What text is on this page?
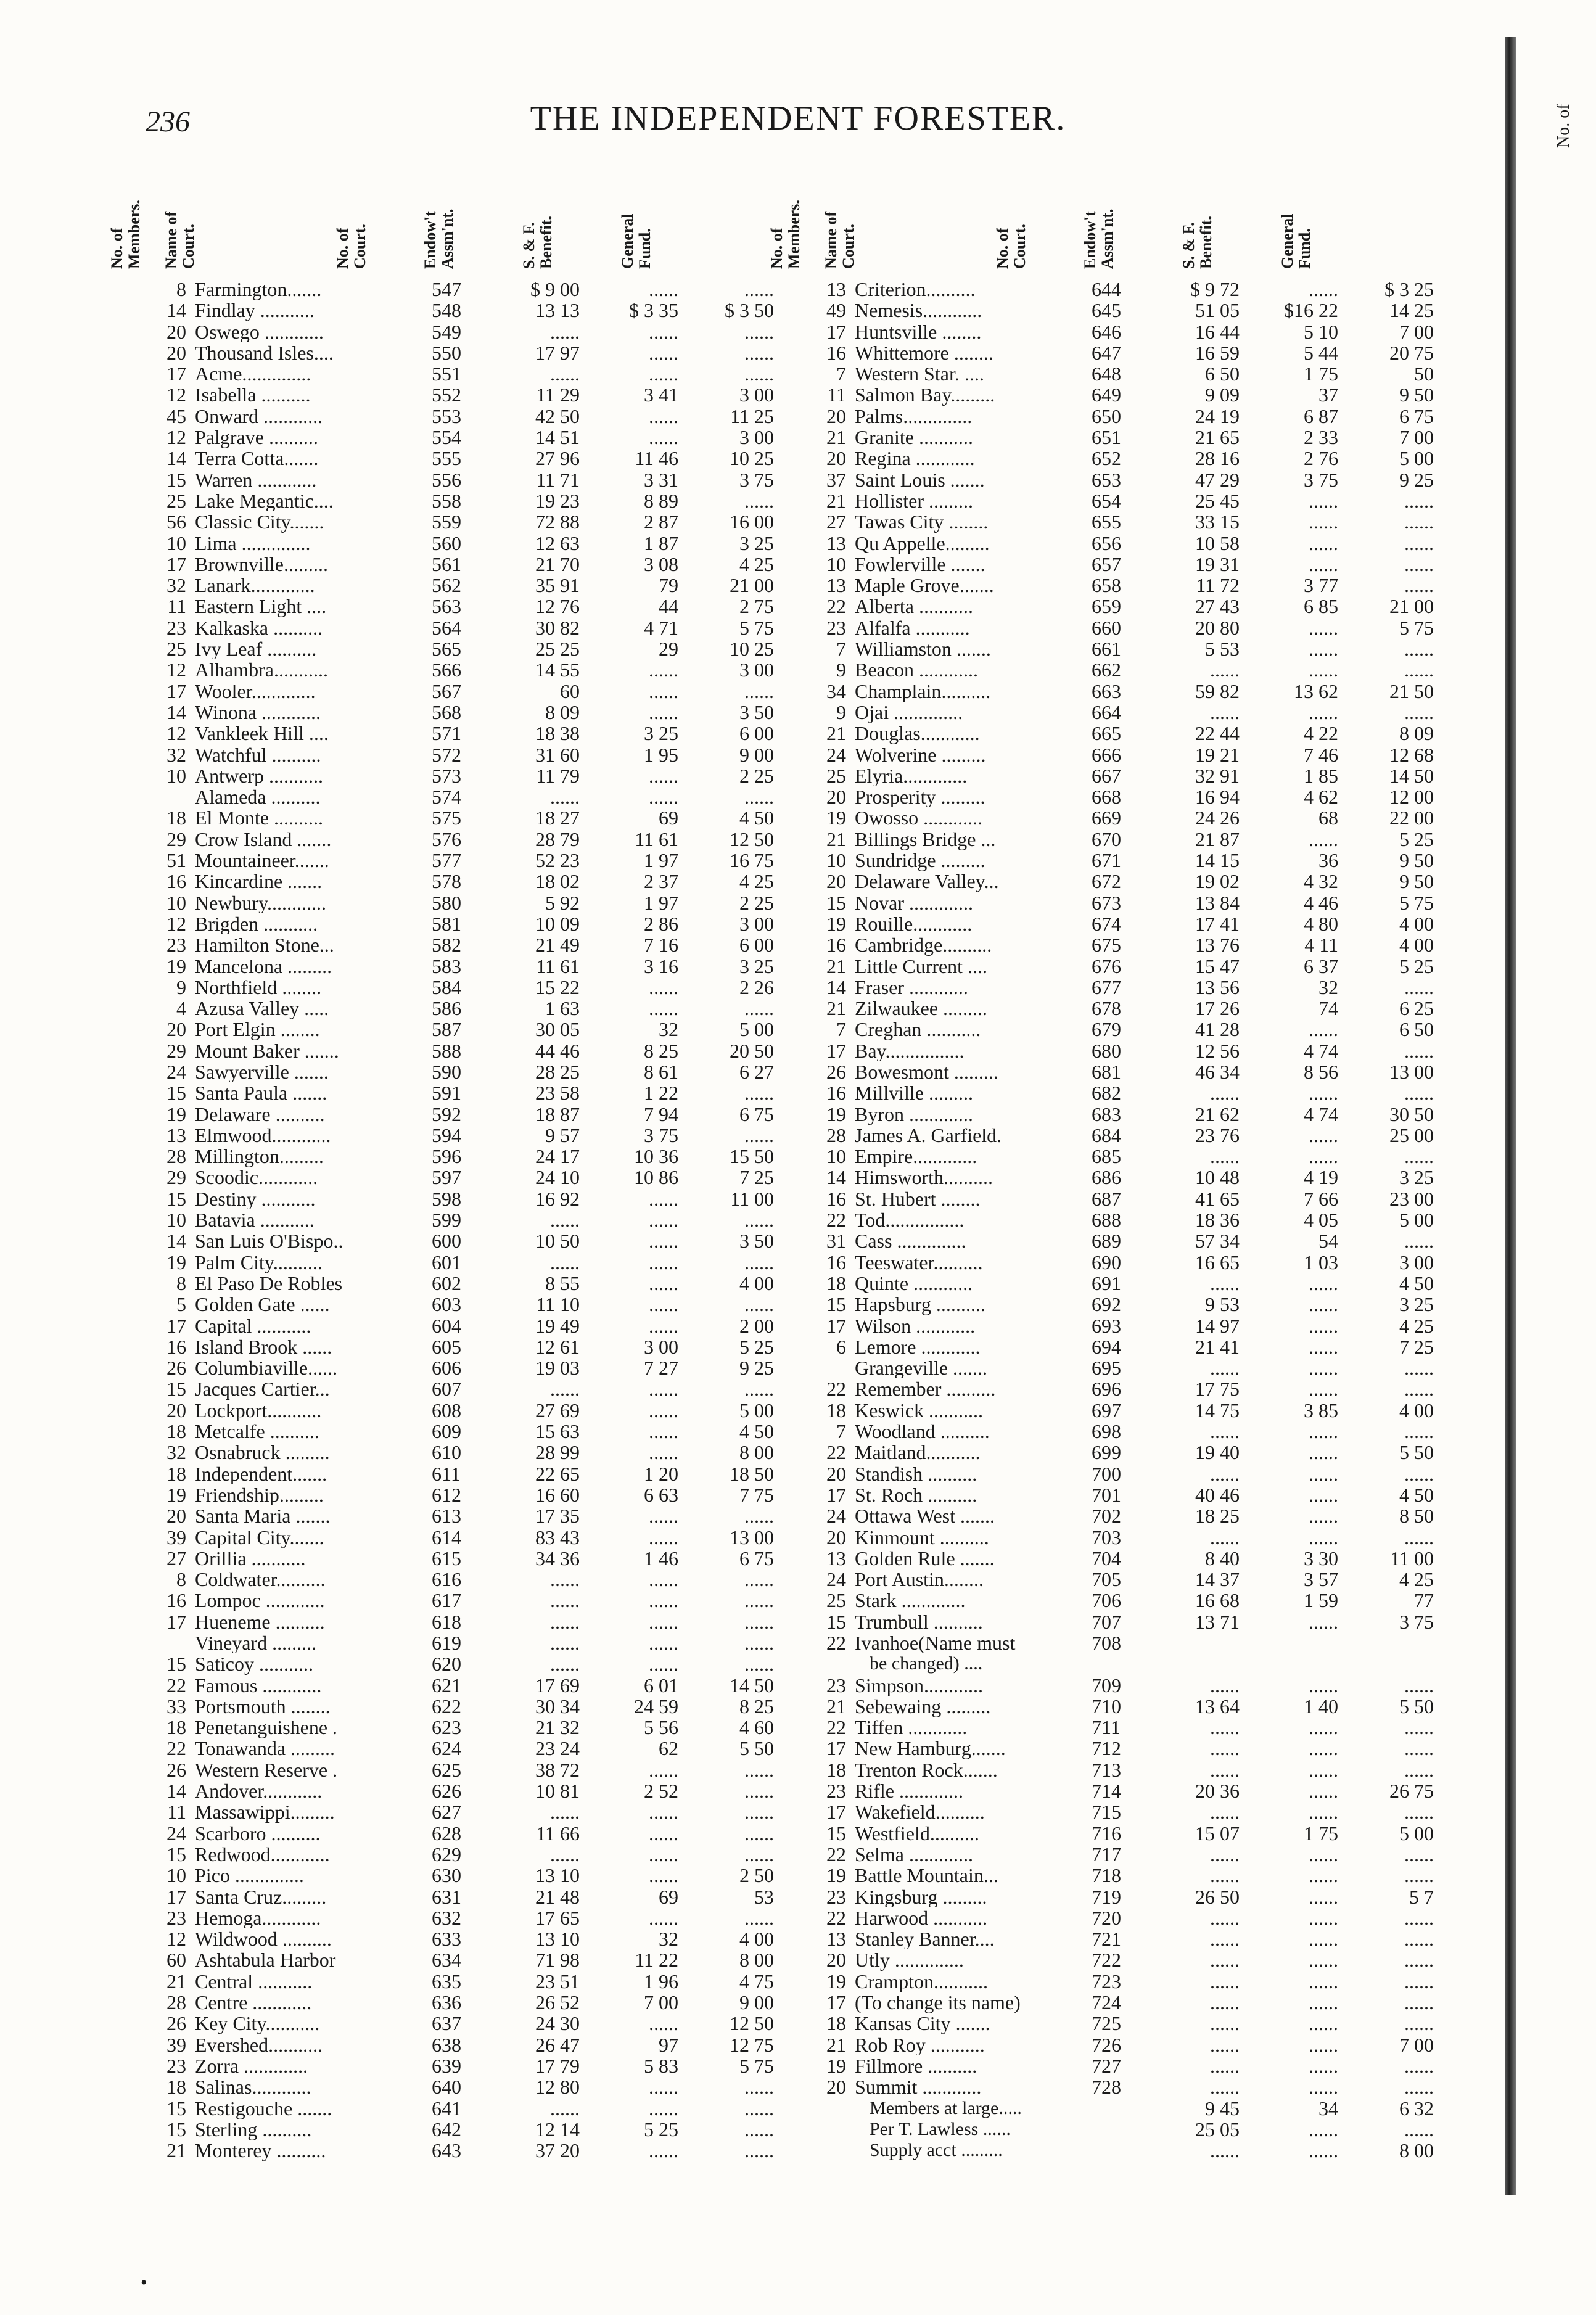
236	THE INDEPENDENT FORESTER.
No. of
Members. Name of
Court.	No. of
Court.	Endow't
Assm'nt.	S. & F.
Benefit.	General
Fund.	No. of
Members. Name of
Court.	No. of
Court.	Endow't
Assm'nt.	S. & F.
Benefit.	General
Fund.
8 Farmington.......	547	$ 9 00	......	......
14 Findlay ...........	548	13 13	$ 3 35	$ 3 50
20 Oswego ............	549	......	......	......
20 Thousand Isles....	550	17 97	......	......
17 Acme..............	551	......	......	......
12 Isabella ..........	552	11 29	3 41	3 00
45 Onward ............	553	42 50	......	11 25
12 Palgrave ..........	554	14 51	......	3 00
14 Terra Cotta.......	555	27 96	11 46	10 25
15 Warren ............	556	11 71	3 31	3 75
25 Lake Megantic....	558	19 23	8 89	......
56 Classic City.......	559	72 88	2 87	16 00
10 Lima ..............	560	12 63	1 87	3 25
17 Brownville.........	561	21 70	3 08	4 25
32 Lanark.............	562	35 91	79	21 00
11 Eastern Light ....	563	12 76	44	2 75
23 Kalkaska ..........	564	30 82	4 71	5 75
25 Ivy Leaf ..........	565	25 25	29	10 25
12 Alhambra...........	566	14 55	......	3 00
17 Wooler.............	567	60	......	......
14 Winona ............	568	8 09	......	3 50
12 Vankleek Hill ....	571	18 38	3 25	6 00
32 Watchful ..........	572	31 60	1 95	9 00
10 Antwerp ...........	573	11 79	......	2 25
Alameda ..........	574	......	......	......
18 El Monte ..........	575	18 27	69	4 50
29 Crow Island .......	576	28 79	11 61	12 50
51 Mountaineer.......	577	52 23	1 97	16 75
16 Kincardine .......	578	18 02	2 37	4 25
10 Newbury............	580	5 92	1 97	2 25
12 Brigden ...........	581	10 09	2 86	3 00
23 Hamilton Stone...	582	21 49	7 16	6 00
19 Mancelona .........	583	11 61	3 16	3 25
9 Northfield ........	584	15 22	......	2 26
4 Azusa Valley .....	586	1 63	......	......
20 Port Elgin ........	587	30 05	32	5 00
29 Mount Baker .......	588	44 46	8 25	20 50
24 Sawyerville .......	590	28 25	8 61	6 27
15 Santa Paula .......	591	23 58	1 22	......
19 Delaware ..........	592	18 87	7 94	6 75
13 Elmwood............	594	9 57	3 75	......
28 Millington.........	596	24 17	10 36	15 50
29 Scoodic............	597	24 10	10 86	7 25
15 Destiny ...........	598	16 92	......	11 00
10 Batavia ...........	599	......	......	......
14 San Luis O'Bispo..	600	10 50	......	3 50
19 Palm City..........	601	......	......	......
8 El Paso De Robles	602	8 55	......	4 00
5 Golden Gate ......	603	11 10	......	......
17 Capital ...........	604	19 49	......	2 00
16 Island Brook ......	605	12 61	3 00	5 25
26 Columbiaville......	606	19 03	7 27	9 25
15 Jacques Cartier...	607	......	......	......
20 Lockport...........	608	27 69	......	5 00
18 Metcalfe ..........	609	15 63	......	4 50
32 Osnabruck .........	610	28 99	......	8 00
18 Independent.......	611	22 65	1 20	18 50
19 Friendship.........	612	16 60	6 63	7 75
20 Santa Maria .......	613	17 35	......	......
39 Capital City.......	614	83 43	......	13 00
27 Orillia ...........	615	34 36	1 46	6 75
8 Coldwater..........	616	......	......	......
16 Lompoc ............	617	......	......	......
17 Hueneme ..........	618	......	......	......
Vineyard .........	619	......	......	......
15 Saticoy ...........	620	......	......	......
22 Famous ............	621	17 69	6 01	14 50
33 Portsmouth ........	622	30 34	24 59	8 25
18 Penetanguishene .	623	21 32	5 56	4 60
22 Tonawanda .........	624	23 24	62	5 50
26 Western Reserve .	625	38 72	......	......
14 Andover............	626	10 81	2 52	......
11 Massawippi.........	627	......	......	......
24 Scarboro ..........	628	11 66	......	......
15 Redwood............	629	......	......	......
10 Pico ..............	630	13 10	......	2 50
17 Santa Cruz.........	631	21 48	69	53
23 Hemoga............	632	17 65	......	......
12 Wildwood ..........	633	13 10	32	4 00
60 Ashtabula Harbor	634	71 98	11 22	8 00
21 Central ...........	635	23 51	1 96	4 75
28 Centre ............	636	26 52	7 00	9 00
26 Key City...........	637	24 30	......	12 50
39 Evershed...........	638	26 47	97	12 75
23 Zorra .............	639	17 79	5 83	5 75
18 Salinas............	640	12 80	......	......
15 Restigouche .......	641	......	......	......
15 Sterling ..........	642	12 14	5 25	......
21 Monterey ..........	643	37 20	......	......
13 Criterion..........	644	$ 9 72	......	$ 3 25
49 Nemesis............	645	51 05	$16 22	14 25
17 Huntsville ........	646	16 44	5 10	7 00
16 Whittemore ........	647	16 59	5 44	20 75
7 Western Star. ....	648	6 50	1 75	50
11 Salmon Bay.........	649	9 09	37	9 50
20 Palms..............	650	24 19	6 87	6 75
21 Granite ...........	651	21 65	2 33	7 00
20 Regina ............	652	28 16	2 76	5 00
37 Saint Louis .......	653	47 29	3 75	9 25
21 Hollister .........	654	25 45	......	......
27 Tawas City ........	655	33 15	......	......
13 Qu Appelle.........	656	10 58	......	......
10 Fowlerville .......	657	19 31	......	......
13 Maple Grove.......	658	11 72	3 77	......
22 Alberta ...........	659	27 43	6 85	21 00
23 Alfalfa ...........	660	20 80	......	5 75
7 Williamston .......	661	5 53	......	......
9 Beacon ............	662	......	......	......
34 Champlain..........	663	59 82	13 62	21 50
9 Ojai ..............	664	......	......	......
21 Douglas............	665	22 44	4 22	8 09
24 Wolverine .........	666	19 21	7 46	12 68
25 Elyria.............	667	32 91	1 85	14 50
20 Prosperity .........	668	16 94	4 62	12 00
19 Owosso ............	669	24 26	68	22 00
21 Billings Bridge ...	670	21 87	......	5 25
10 Sundridge .........	671	14 15	36	9 50
20 Delaware Valley...	672	19 02	4 32	9 50
15 Novar .............	673	13 84	4 46	5 75
19 Rouille............	674	17 41	4 80	4 00
16 Cambridge..........	675	13 76	4 11	4 00
21 Little Current ....	676	15 47	6 37	5 25
14 Fraser ............	677	13 56	32	......
21 Zilwaukee .........	678	17 26	74	6 25
7 Creghan ...........	679	41 28	......	6 50
17 Bay................	680	12 56	4 74	......
26 Bowesmont .........	681	46 34	8 56	13 00
16 Millville .........	682	......	......	......
19 Byron .............	683	21 62	4 74	30 50
28 James A. Garfield.	684	23 76	......	25 00
10 Empire.............	685	......	......	......
14 Himsworth..........	686	10 48	4 19	3 25
16 St. Hubert ........	687	41 65	7 66	23 00
22 Tod................	688	18 36	4 05	5 00
31 Cass ..............	689	57 34	54	......
16 Teeswater..........	690	16 65	1 03	3 00
18 Quinte ............	691	......	......	4 50
15 Hapsburg ..........	692	9 53	......	3 25
17 Wilson ............	693	14 97	......	4 25
6 Lemore ............	694	21 41	......	7 25
Grangeville .......	695	......	......	......
22 Remember ..........	696	17 75	......	......
18 Keswick ...........	697	14 75	3 85	4 00
7 Woodland ..........	698	......	......	......
22 Maitland...........	699	19 40	......	5 50
20 Standish ..........	700	......	......	......
17 St. Roch ..........	701	40 46	......	4 50
24 Ottawa West .......	702	18 25	......	8 50
20 Kinmount ..........	703	......	......	......
13 Golden Rule .......	704	8 40	3 30	11 00
24 Port Austin........	705	14 37	3 57	4 25
25 Stark .............	706	16 68	1 59	77
15 Trumbull ..........	707	13 71	......	3 75
22 Ivanhoe(Name must	708
be changed) ....
23 Simpson............	709	......	......	......
21 Sebewaing .........	710	13 64	1 40	5 50
22 Tiffen ............	711	......	......	......
17 New Hamburg.......	712	......	......	......
18 Trenton Rock.......	713	......	......	......
23 Rifle .............	714	20 36	......	26 75
17 Wakefield..........	715	......	......	......
15 Westfield..........	716	15 07	1 75	5 00
22 Selma .............	717	......	......	......
19 Battle Mountain...	718	......	......	......
23 Kingsburg .........	719	26 50	......	5 7
22 Harwood ...........	720	......	......	......
13 Stanley Banner....	721	......	......	......
20 Utly ..............	722	......	......	......
19 Crampton...........	723	......	......	......
17 (To change its name)	724	......	......	......
18 Kansas City .......	725	......	......	......
21 Rob Roy ...........	726	......	......	7 00
19 Fillmore ..........	727	......	......	......
20 Summit ............	728	......	......	......
Members at large.....	9 45	34	6 32
Per T. Lawless ......	25 05	......	......
Supply acct .........	......	......	8 00
No. of
•
